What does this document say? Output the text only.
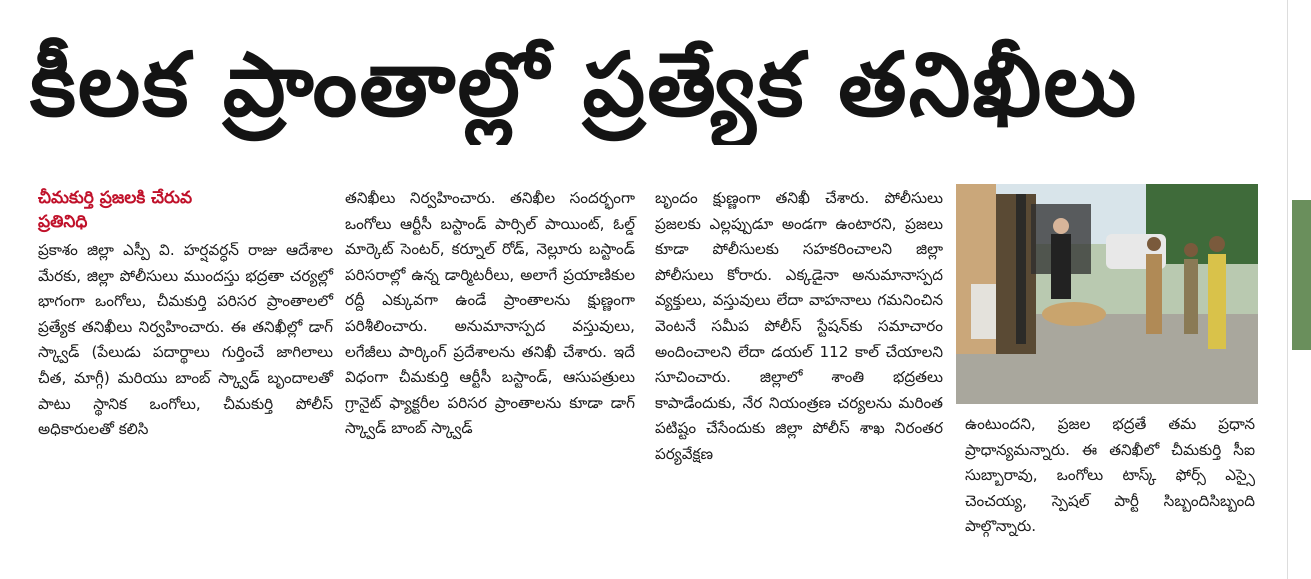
కీలక ప్రాంతాల్లో ప్రత్యేక తనిఖీలు

చీమకుర్తి ప్రజలకి చేరువ

ప్రతినిధి

ప్రకాశం జిల్లా ఎస్పీ వి. హర్షవర్ధన్ రాజు ఆదేశాల మేరకు, జిల్లా పోలీసులు ముందస్తు భద్రతా చర్యల్లో భాగంగా ఒంగోలు, చీమకుర్తి పరిసర ప్రాంతాలలో ప్రత్యేక తనిఖీలు నిర్వహించారు. ఈ తనిఖీల్లో డాగ్ స్క్వాడ్ (పేలుడు పదార్థాలు గుర్తించే జాగిలాలు చీత, మాగ్గీ) మరియు బాంబ్ స్క్వాడ్ బృందాలతో పాటు స్థానిక ఒంగోలు, చీమకుర్తి పోలీస్ అధికారులతో కలిసి

తనిఖీలు నిర్వహించారు. తనిఖీల సందర్భంగా ఒంగోలు ఆర్టీసీ బస్టాండ్ పార్సిల్ పాయింట్, ఓల్డ్ మార్కెట్ సెంటర్, కర్నూల్ రోడ్, నెల్లూరు బస్టాండ్ పరిసరాల్లో ఉన్న డార్మిటరీలు, అలాగే ప్రయాణికుల రద్దీ ఎక్కువగా ఉండే ప్రాంతాలను క్షుణ్ణంగా పరిశీలించారు. అనుమానాస్పద వస్తువులు, లగేజీలు పార్కింగ్ ప్రదేశాలను తనిఖీ చేశారు. ఇదే విధంగా చీమకుర్తి ఆర్టీసీ బస్టాండ్, ఆసుపత్రులు గ్రానైట్ ఫ్యాక్టరీల పరిసర ప్రాంతాలను కూడా డాగ్ స్క్వాడ్ బాంబ్ స్క్వాడ్

బృందం క్షుణ్ణంగా తనిఖీ చేశారు. పోలీసులు ప్రజలకు ఎల్లప్పుడూ అండగా ఉంటారని, ప్రజలు కూడా పోలీసులకు సహకరించాలని జిల్లా పోలీసులు కోరారు. ఎక్కడైనా అనుమానాస్పద వ్యక్తులు, వస్తువులు లేదా వాహనాలు గమనించిన వెంటనే సమీప పోలీస్ స్టేషన్‌కు సమాచారం అందించాలని లేదా డయల్ 112 కాల్ చేయాలని సూచించారు. జిల్లాలో శాంతి భద్రతలు కాపాడేందుకు, నేర నియంత్రణ చర్యలను మరింత పటిష్టం చేసేందుకు జిల్లా పోలీస్ శాఖ నిరంతర పర్యవేక్షణ

ఉంటుందని, ప్రజల భద్రతే తమ ప్రధాన ప్రాధాన్యమన్నారు. ఈ తనిఖీలో చీమకుర్తి సీఐ సుబ్బారావు, ఒంగోలు టాస్క్ ఫోర్స్ ఎస్సై చెంచయ్య, స్పెషల్ పార్టీ సిబ్బందిసిబ్బంది పాల్గొన్నారు.
